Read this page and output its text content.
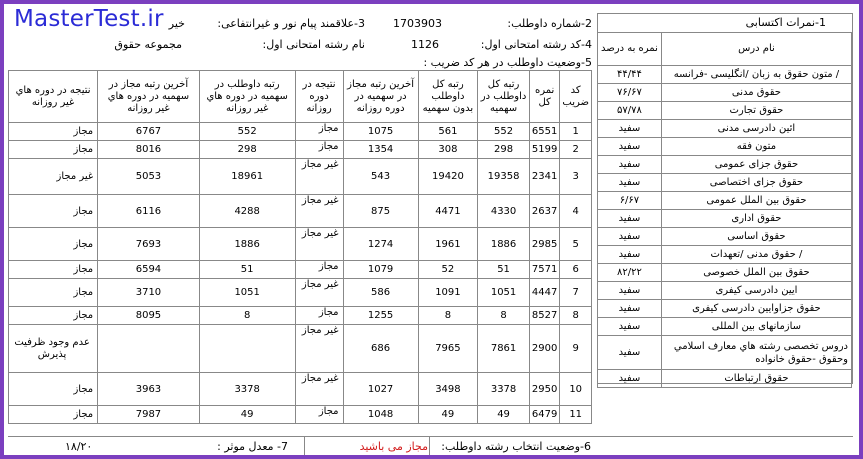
MasterTest.ir	2-شماره داوطلب:
1703903
3-علاقمند پیام نور و غیرانتفاعی:
خیر
4-کد رشته امتحانی اول:
1126
نام رشته امتحانی اول:
مجموعه حقوق
5-وضعیت داوطلب در هر کد ضریب :
1-نمرات اکتسابی
نام درس	نمره به درصد
/ متون حقوق به زبان /انگلیسی -فرانسه	۴۴/۴۴
حقوق مدنی	۷۶/۶۷
حقوق تجارت	۵۷/۷۸
ائین دادرسی مدنی	سفید
متون فقه	سفید
حقوق جزای عمومی	سفید
حقوق جزای اختصاصی	سفید
حقوق بین الملل عمومی	۶/۶۷
حقوق اداری	سفید
حقوق اساسی	سفید
/ حقوق مدنی /تعهدات	سفید
حقوق بین الملل خصوصی	۸۲/۲۲
ایین دادرسی کیفری	سفید
حقوق جزاوایین دادرسی کیفری	سفید
سازمانهای بین المللی	سفید
دروس تخصصی رشته هاي معارف اسلامي وحقوق -حقوق خانواده	سفید
حقوق ارتباطات	سفید
کد ضریب	نمره کل	رتبه کل داوطلب در سهمیه	رتبه کل داوطلب بدون سهمیه	آخرین رتبه مجاز در سهمیه در دوره روزانه	نتیجه در دوره روزانه	رتبه داوطلب در سهمیه در دوره هاي غیر روزانه	آخرین رتبه مجاز در سهمیه در دوره هاي غیر روزانه	نتیجه در دوره هاي غیر روزانه
1	6551	552	561	1075	مجاز	552	6767	مجاز
2	5199	298	308	1354	مجاز	298	8016	مجاز
3	2341	19358	19420	543	غیر مجاز	18961	5053	غیر مجاز
4	2637	4330	4471	875	غیر مجاز	4288	6116	مجاز
5	2985	1886	1961	1274	غیر مجاز	1886	7693	مجاز
6	7571	51	52	1079	مجاز	51	6594	مجاز
7	4447	1051	1091	586	غیر مجاز	1051	3710	مجاز
8	8527	8	8	1255	مجاز	8	8095	مجاز
9	2900	7861	7965	686	غیر مجاز			عدم وجود ظرفیت پذیرش
10	2950	3378	3498	1027	غیر مجاز	3378	3963	مجاز
11	6479	49	49	1048	مجاز	49	7987	مجاز
6-وضعیت انتخاب رشته داوطلب:
مجاز می باشید
7- معدل موثر :
۱۸/۲۰
